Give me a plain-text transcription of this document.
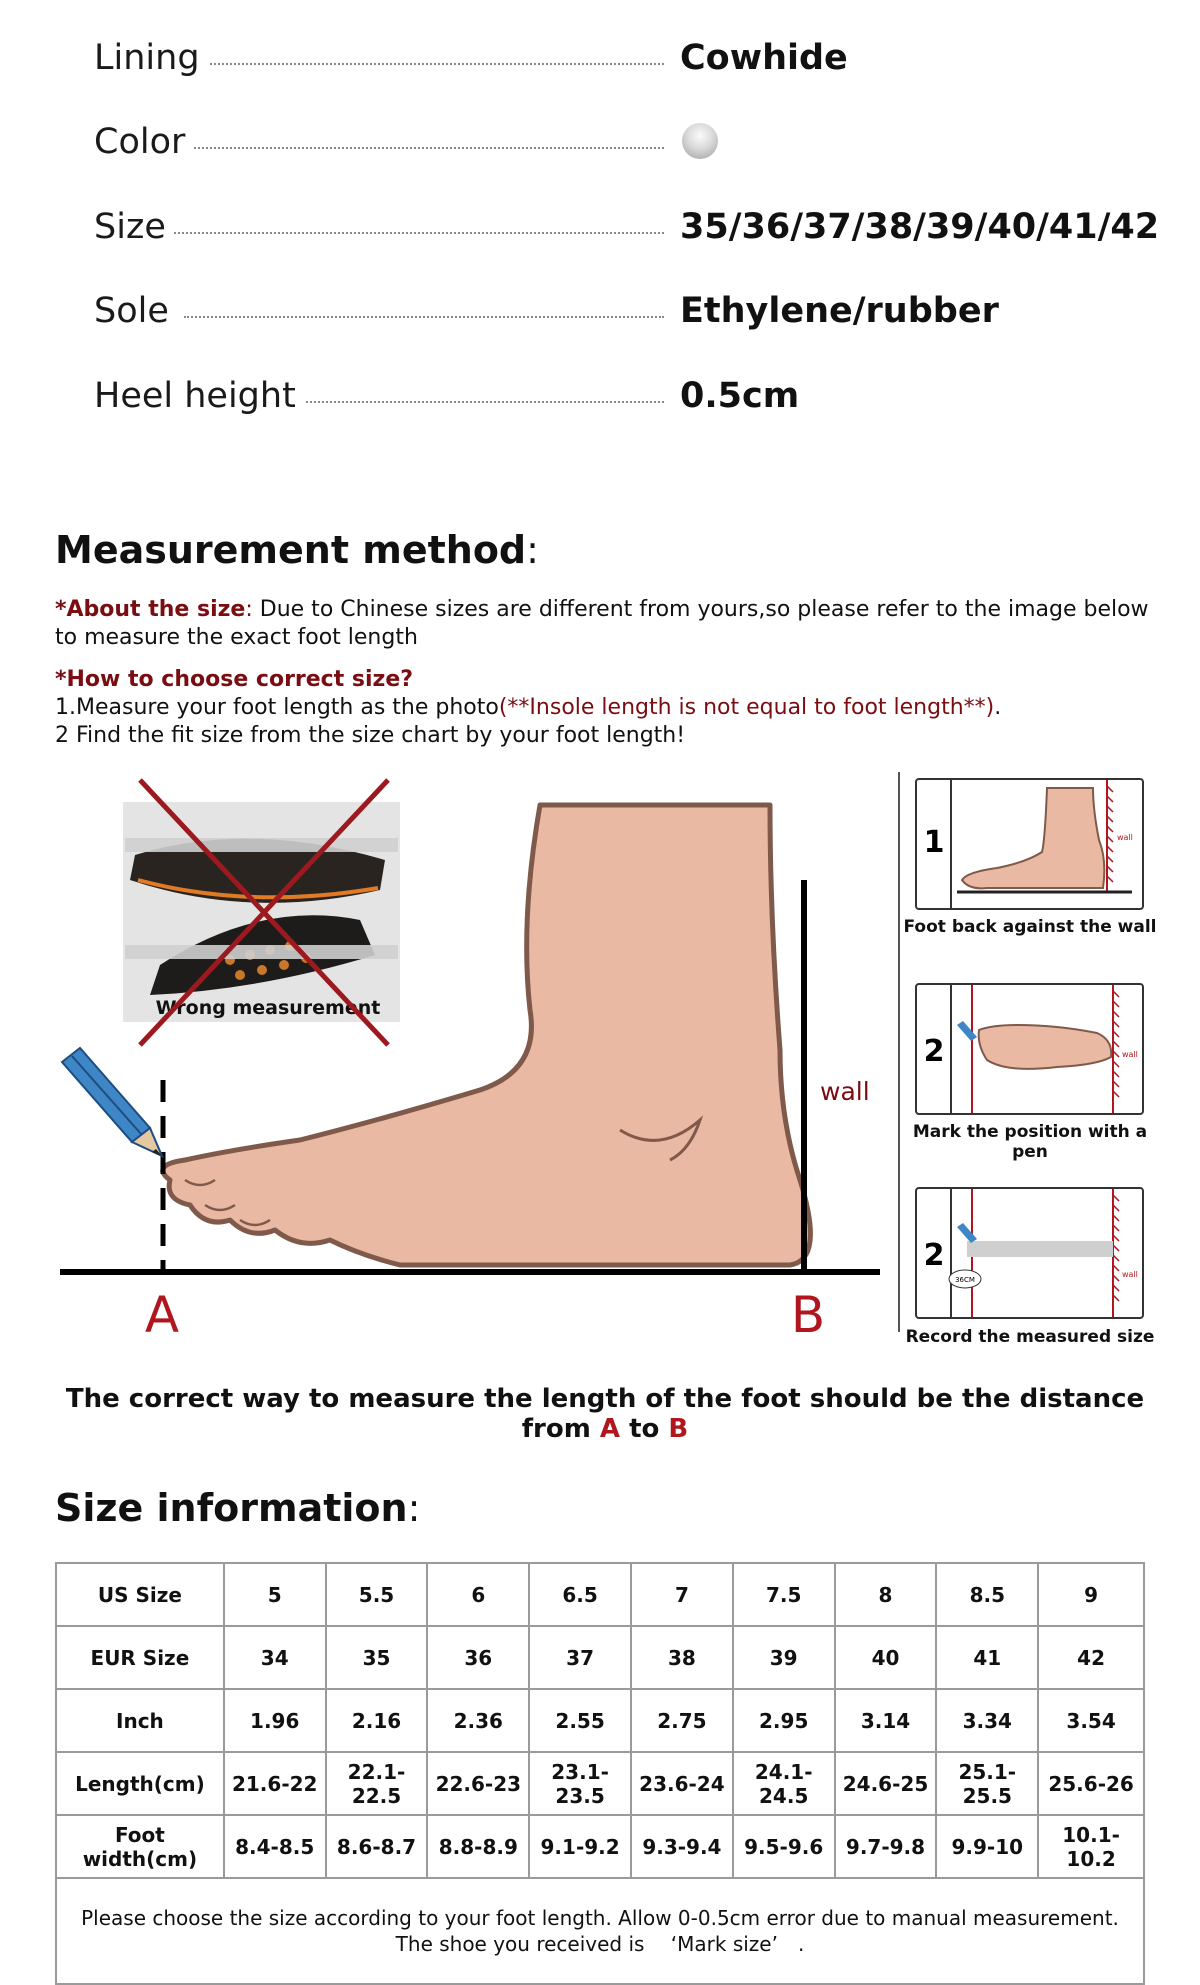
Lining	Cowhide
Color
Size	35/36/37/38/39/40/41/42
Sole	Ethylene/rubber
Heel height	0.5cm
Measurement method:
*About the size: Due to Chinese sizes are different from yours,so please refer to the image below to measure the exact foot length
*How to choose correct size?
1.Measure your foot length as the photo(**Insole length is not equal to foot length**).
2 Find the fit size from the size chart by your foot length!
Wrong measurement
wall
A	B
1	wall
Foot back against the wall
2	wall
Mark the position with a pen
2
wall
36CM
Record the measured size
The correct way to measure the length of the foot should be the distance from A to B
Size information:
US Size	5	5.5	6	6.5	7	7.5	8	8.5	9
EUR Size	34	35	36	37	38	39	40	41	42
Inch	1.96	2.16	2.36	2.55	2.75	2.95	3.14	3.34	3.54
Length(cm)	21.6-22	22.1-22.5	22.6-23	23.1-23.5	23.6-24	24.1-24.5	24.6-25	25.1-25.5	25.6-26
Foot width(cm)	8.4-8.5	8.6-8.7	8.8-8.9	9.1-9.2	9.3-9.4	9.5-9.6	9.7-9.8	9.9-10	10.1-10.2

Please choose the size according to your foot length. Allow 0-0.5cm error due to manual measurement.
The shoe you received is 　‘Mark size’　.									
